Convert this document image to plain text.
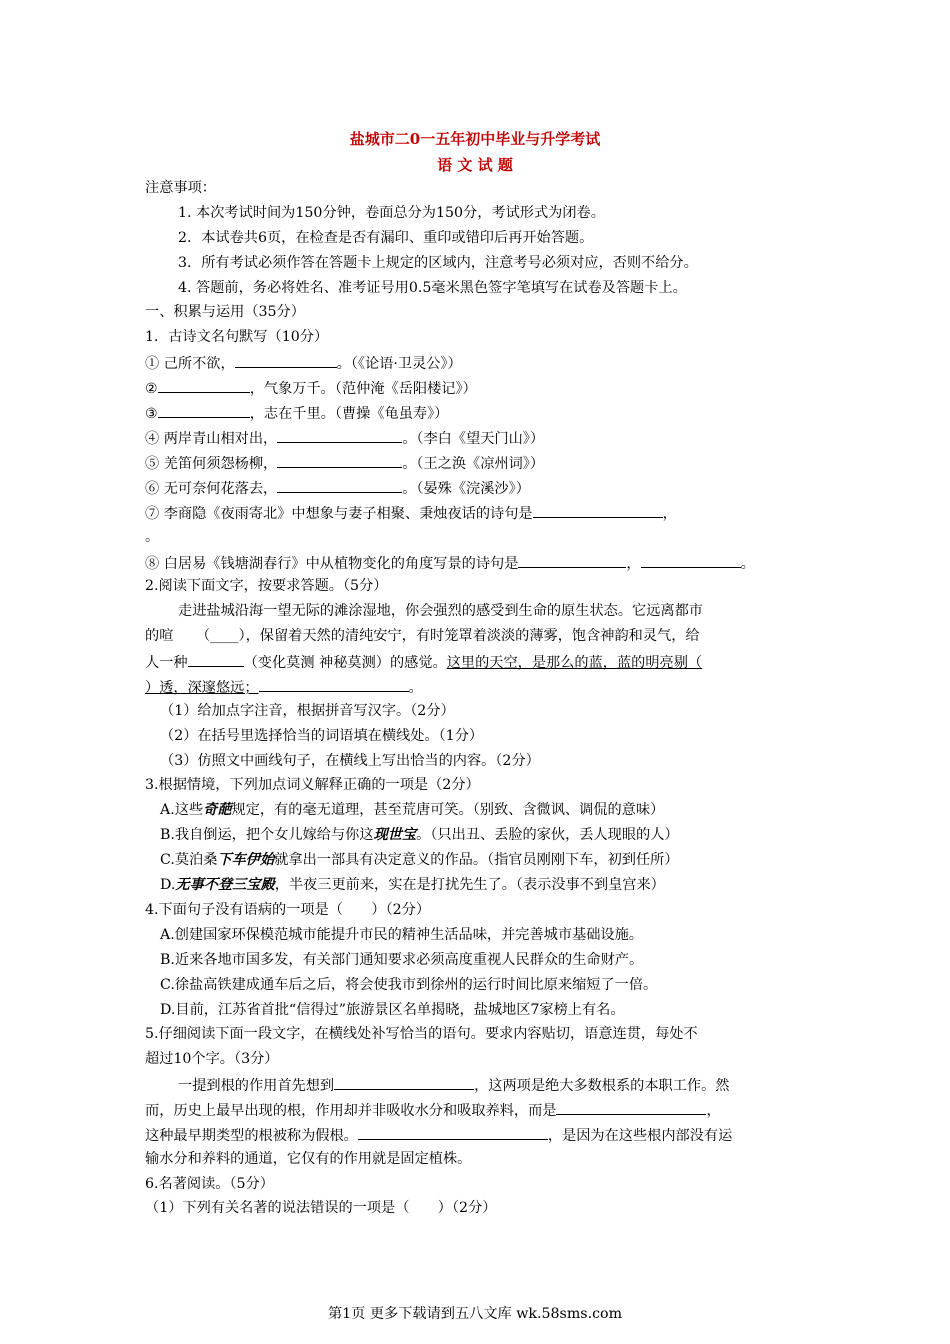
盐城市二0一五年初中毕业与升学考试
语 文 试 题
注意事项：
1. 本次考试时间为150分钟，卷面总分为150分，考试形式为闭卷。
2．本试卷共6页，在检查是否有漏印、重印或错印后再开始答题。
3．所有考试必须作答在答题卡上规定的区域内，注意考号必须对应，否则不给分。
4. 答题前，务必将姓名、准考证号用0.5毫米黑色签字笔填写在试卷及答题卡上。
一、积累与运用（35分）
1．古诗文名句默写（10分）
① 己所不欲，	。（《论语·卫灵公》）
②	，气象万千。（范仲淹《岳阳楼记》）
③	，志在千里。（曹操《龟虽寿》）
④ 两岸青山相对出，	。（李白《望天门山》）
⑤ 羌笛何须怨杨柳，	。（王之涣《凉州词》）
⑥ 无可奈何花落去，	。（晏殊《浣溪沙》）
⑦ 李商隐《夜雨寄北》中想象与妻子相聚、秉烛夜话的诗句是	，
。
⑧ 白居易《钱塘湖春行》中从植物变化的角度写景的诗句是	，	。
2.阅读下面文字，按要求答题。（5分）
走进盐城沿海一望无际的滩涂湿地，你会强烈的感受到生命的原生状态。它远离都市
的喧 （____），保留着天然的清纯安宁，有时笼罩着淡淡的薄雾，饱含神韵和灵气，给
人一种	（变化莫测 神秘莫测）的感觉。这里的天空，是那么的蓝，蓝的明亮剔（
）透，深邃悠远；	。
（1）给加点字注音，根据拼音写汉字。（2分）
（2）在括号里选择恰当的词语填在横线处。（1分）
（3）仿照文中画线句子，在横线上写出恰当的内容。（2分）
3.根据情境，下列加点词义解释正确的一项是（2分）
A.这些奇葩规定，有的毫无道理，甚至荒唐可笑。（别致、含微讽、调侃的意味）
B.我自倒运，把个女儿嫁给与你这现世宝。（只出丑、丢脸的家伙，丢人现眼的人）
C.莫泊桑下车伊始就拿出一部具有决定意义的作品。（指官员刚刚下车，初到任所）
D.无事不登三宝殿，半夜三更前来，实在是打扰先生了。（表示没事不到皇宫来）
4.下面句子没有语病的一项是（　　）（2分）
A.创建国家环保模范城市能提升市民的精神生活品味，并完善城市基础设施。
B.近来各地市国多发，有关部门通知要求必须高度重视人民群众的生命财产。
C.徐盐高铁建成通车后之后，将会使我市到徐州的运行时间比原来缩短了一倍。
D.目前，江苏省首批“信得过”旅游景区名单揭晓，盐城地区7家榜上有名。
5.仔细阅读下面一段文字，在横线处补写恰当的语句。要求内容贴切，语意连贯，每处不
超过10个字。（3分）
一提到根的作用首先想到	，这两项是绝大多数根系的本职工作。然
而，历史上最早出现的根，作用却并非吸收水分和吸取养料，而是	，
这种最早期类型的根被称为假根。	，是因为在这些根内部没有运
输水分和养料的通道，它仅有的作用就是固定植株。
6.名著阅读。（5分）
（1）下列有关名著的说法错误的一项是（　　）（2分）
第1页 更多下载请到五八文库 wk.58sms.com
